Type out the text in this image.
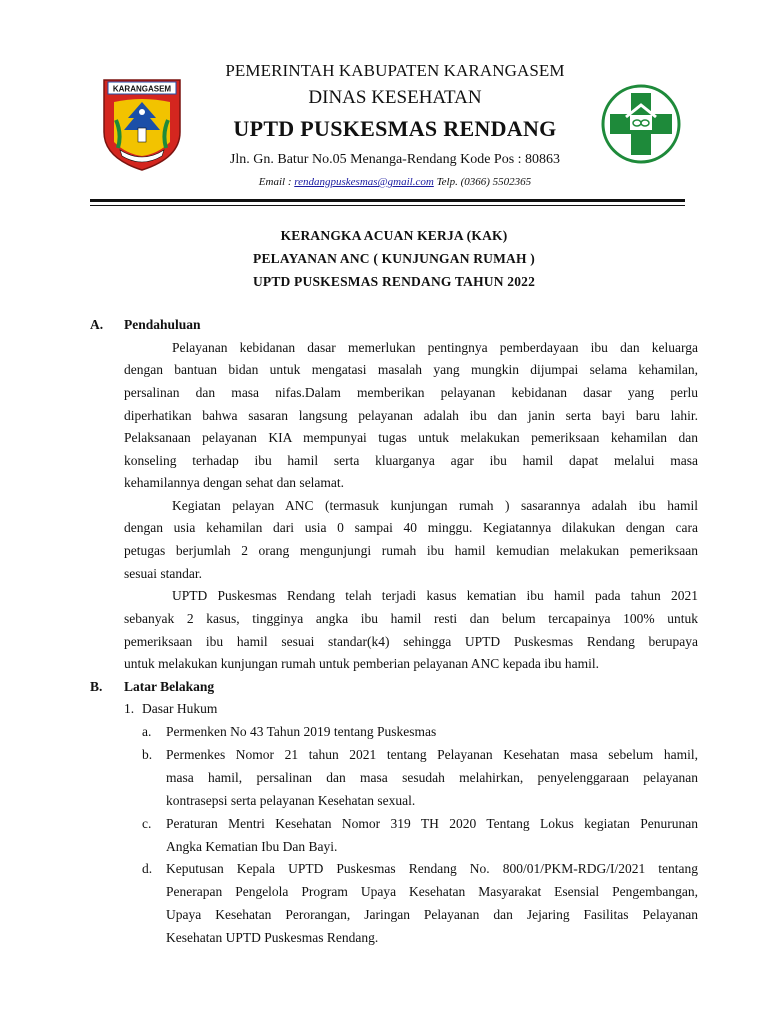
KARANGASEM
PEMERINTAH KABUPATEN KARANGASEM
DINAS KESEHATAN
UPTD PUSKESMAS RENDANG
Jln. Gn. Batur No.05 Menanga-Rendang Kode Pos : 80863
Email : rendangpuskesmas@gmail.com Telp. (0366) 5502365
KERANGKA ACUAN KERJA (KAK)
PELAYANAN ANC ( KUNJUNGAN RUMAH )
UPTD PUSKESMAS RENDANG TAHUN 2022
A. Pendahuluan
Pelayanan kebidanan dasar memerlukan pentingnya pemberdayaan ibu dan keluarga
dengan bantuan bidan untuk mengatasi masalah yang mungkin dijumpai selama kehamilan,
persalinan dan masa nifas.Dalam memberikan pelayanan kebidanan dasar yang perlu
diperhatikan bahwa sasaran langsung pelayanan adalah ibu dan janin serta bayi baru lahir.
Pelaksanaan pelayanan KIA mempunyai tugas untuk melakukan pemeriksaan kehamilan dan
konseling terhadap ibu hamil serta kluarganya agar ibu hamil dapat melalui masa
kehamilannya dengan sehat dan selamat.
Kegiatan pelayan ANC (termasuk kunjungan rumah ) sasarannya adalah ibu hamil
dengan usia kehamilan dari usia 0 sampai 40 minggu. Kegiatannya dilakukan dengan cara
petugas berjumlah 2 orang mengunjungi rumah ibu hamil kemudian melakukan pemeriksaan
sesuai standar.
UPTD Puskesmas Rendang telah terjadi kasus kematian ibu hamil pada tahun 2021
sebanyak 2 kasus, tingginya angka ibu hamil resti dan belum tercapainya 100% untuk
pemeriksaan ibu hamil sesuai standar(k4) sehingga UPTD Puskesmas Rendang berupaya
untuk melakukan kunjungan rumah untuk pemberian pelayanan ANC kepada ibu hamil.
B. Latar Belakang
1. Dasar Hukum
a. Permenken No 43 Tahun 2019 tentang Puskesmas
b. Permenkes Nomor 21 tahun 2021 tentang Pelayanan Kesehatan masa sebelum hamil,
masa hamil, persalinan dan masa sesudah melahirkan, penyelenggaraan pelayanan
kontrasepsi serta pelayanan Kesehatan sexual.
c. Peraturan Mentri Kesehatan Nomor 319 TH 2020 Tentang Lokus kegiatan Penurunan
Angka Kematian Ibu Dan Bayi.
d. Keputusan Kepala UPTD Puskesmas Rendang No. 800/01/PKM-RDG/I/2021 tentang
Penerapan Pengelola Program Upaya Kesehatan Masyarakat Esensial Pengembangan,
Upaya Kesehatan Perorangan, Jaringan Pelayanan dan Jejaring Fasilitas Pelayanan
Kesehatan UPTD Puskesmas Rendang.
